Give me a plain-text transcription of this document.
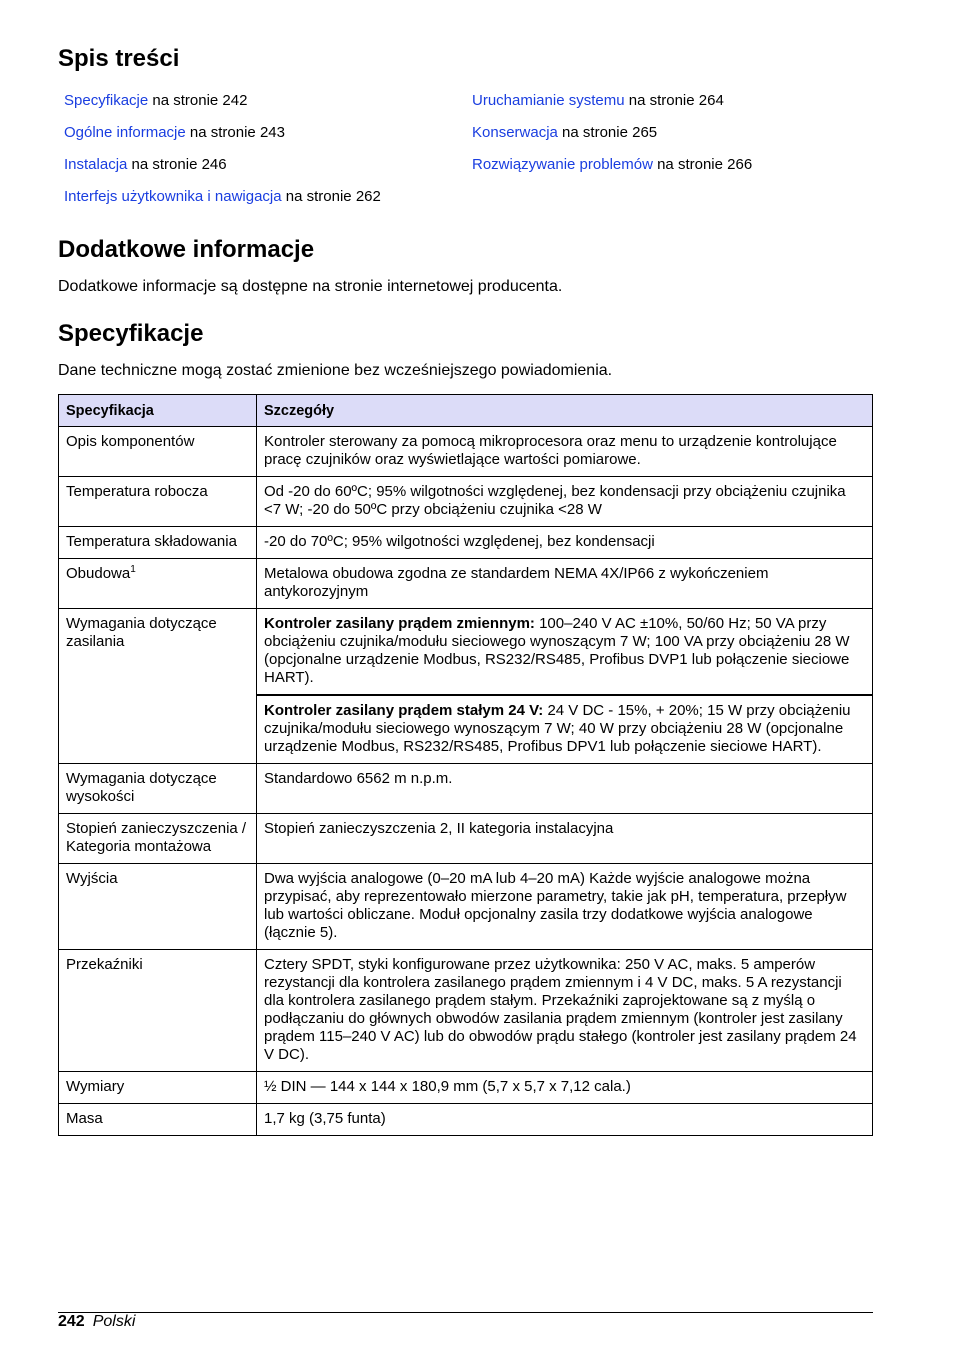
Spis treści
Specyfikacje na stronie 242
Ogólne informacje na stronie 243
Instalacja na stronie 246
Interfejs użytkownika i nawigacja na stronie 262
Uruchamianie systemu na stronie 264
Konserwacja na stronie 265
Rozwiązywanie problemów na stronie 266
Dodatkowe informacje
Dodatkowe informacje są dostępne na stronie internetowej producenta.
Specyfikacje
Dane techniczne mogą zostać zmienione bez wcześniejszego powiadomienia.
Specyfikacja	Szczegóły
Opis komponentów	Kontroler sterowany za pomocą mikroprocesora oraz menu to urządzenie kontrolujące pracę czujników oraz wyświetlające wartości pomiarowe.
Temperatura robocza	Od -20 do 60ºC; 95% wilgotności względenej, bez kondensacji przy obciążeniu czujnika <7 W; -20 do 50ºC przy obciążeniu czujnika <28 W
Temperatura składowania	-20 do 70ºC; 95% wilgotności względenej, bez kondensacji
Obudowa$^1$	Metalowa obudowa zgodna ze standardem NEMA 4X/IP66 z wykończeniem antykorozyjnym
Wymagania dotyczące zasilania	Kontroler zasilany prądem zmiennym: 100–240 V AC ±10%, 50/60 Hz; 50 VA przy obciążeniu czujnika/modułu sieciowego wynoszącym 7 W; 100 VA przy obciążeniu 28 W (opcjonalne urządzenie Modbus, RS232/RS485, Profibus DVP1 lub połączenie sieciowe HART).
	Kontroler zasilany prądem stałym 24 V: 24 V DC - 15%, + 20%; 15 W przy obciążeniu czujnika/modułu sieciowego wynoszącym 7 W; 40 W przy obciążeniu 28 W (opcjonalne urządzenie Modbus, RS232/RS485, Profibus DPV1 lub połączenie sieciowe HART).
Wymagania dotyczące wysokości	Standardowo 6562 m n.p.m.
Stopień zanieczyszczenia / Kategoria montażowa	Stopień zanieczyszczenia 2, II kategoria instalacyjna
Wyjścia	Dwa wyjścia analogowe (0–20 mA lub 4–20 mA) Każde wyjście analogowe można przypisać, aby reprezentowało mierzone parametry, takie jak pH, temperatura, przepływ lub wartości obliczane. Moduł opcjonalny zasila trzy dodatkowe wyjścia analogowe (łącznie 5).
Przekaźniki	Cztery SPDT, styki konfigurowane przez użytkownika: 250 V AC, maks. 5 amperów rezystancji dla kontrolera zasilanego prądem zmiennym i 4 V DC, maks. 5 A rezystancji dla kontrolera zasilanego prądem stałym. Przekaźniki zaprojektowane są z myślą o podłączaniu do głównych obwodów zasilania prądem zmiennym (kontroler jest zasilany prądem 115–240 V AC) lub do obwodów prądu stałego (kontroler jest zasilany prądem 24 V DC).
Wymiary	½ DIN — 144 x 144 x 180,9 mm (5,7 x 5,7 x 7,12 cala.)
Masa	1,7 kg (3,75 funta)
242 Polski
